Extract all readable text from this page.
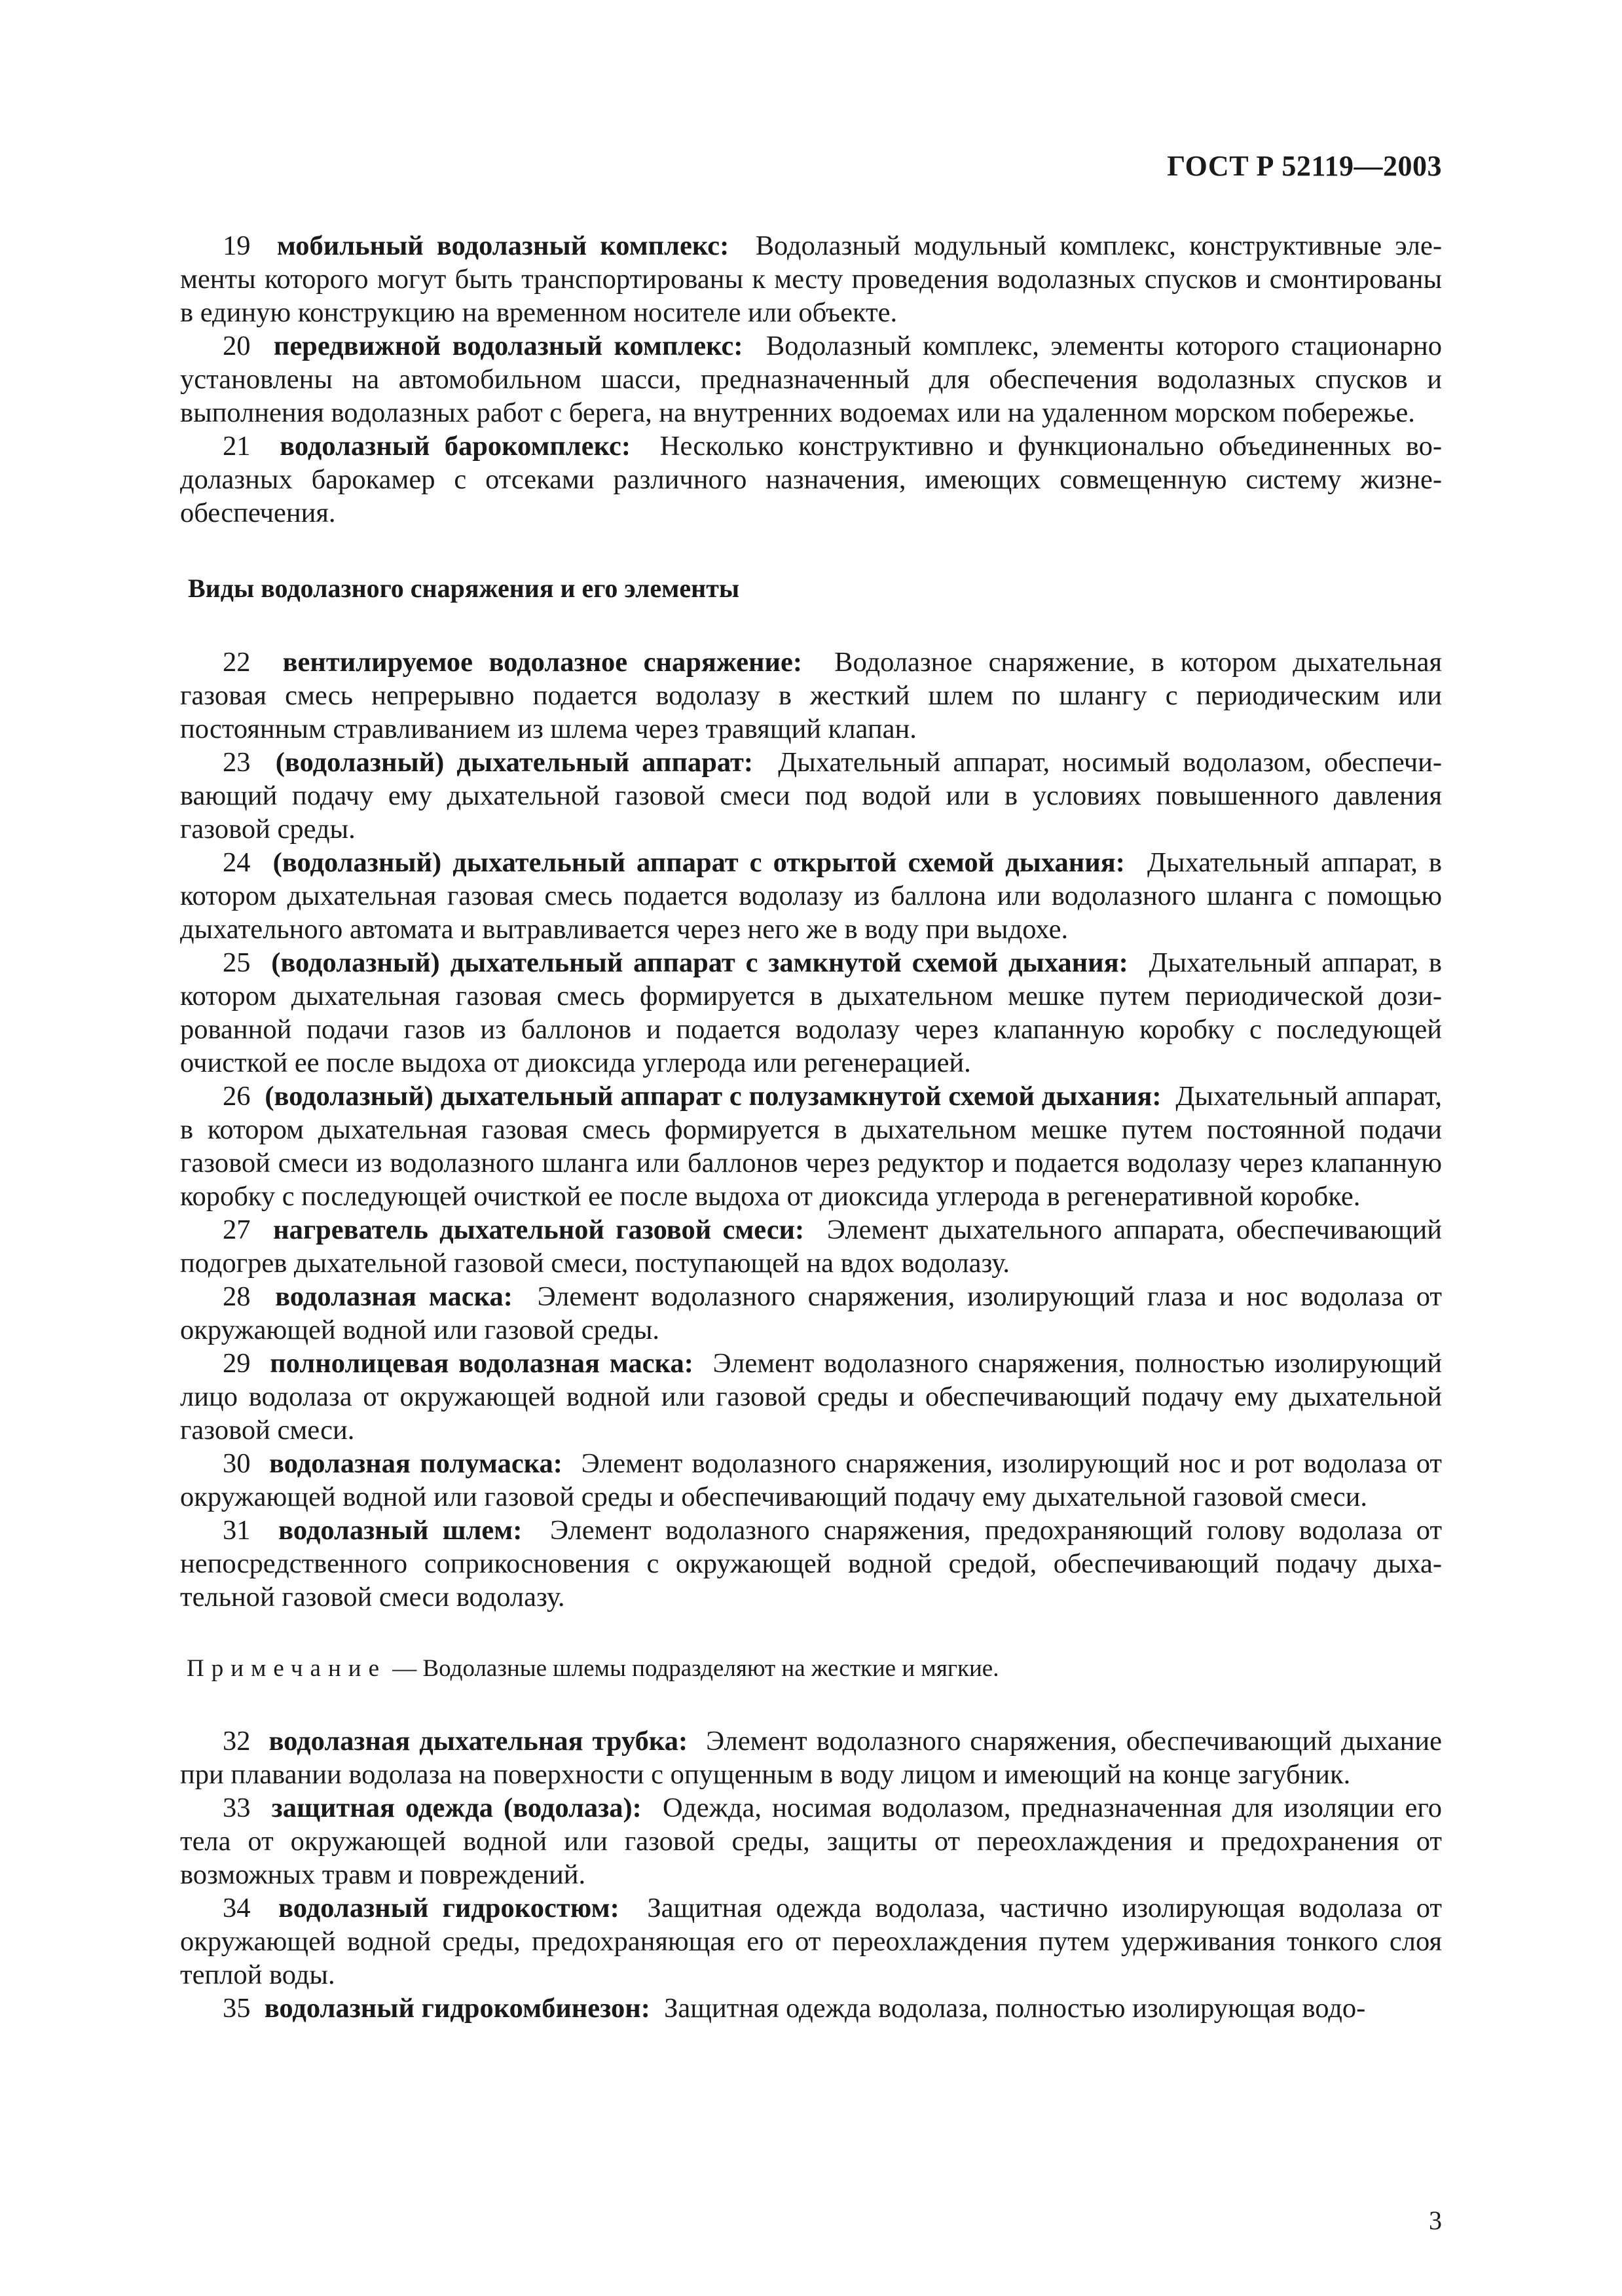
ГОСТ Р 52119—2003

19 мобильный водолазный комплекс: Водолазный модульный комплекс, конструктивные элементы которого могут быть транспортированы к месту проведения водолазных спусков и смонтированы в единую конструкцию на временном носителе или объекте.

20 передвижной водолазный комплекс: Водолазный комплекс, элементы которого стационарно установлены на автомобильном шасси, предназначенный для обеспечения водолазных спусков и выполнения водолазных работ с берега, на внутренних водоемах или на удаленном морском побережье.

21 водолазный барокомплекс: Несколько конструктивно и функционально объединенных водолазных барокамер с отсеками различного назначения, имеющих совмещенную систему жизнеобеспечения.

Виды водолазного снаряжения и его элементы

22 вентилируемое водолазное снаряжение: Водолазное снаряжение, в котором дыхательная газовая смесь непрерывно подается водолазу в жесткий шлем по шлангу с периодическим или постоянным стравливанием из шлема через травящий клапан.

23 (водолазный) дыхательный аппарат: Дыхательный аппарат, носимый водолазом, обеспечивающий подачу ему дыхательной газовой смеси под водой или в условиях повышенного давления газовой среды.

24 (водолазный) дыхательный аппарат с открытой схемой дыхания: Дыхательный аппарат, в котором дыхательная газовая смесь подается водолазу из баллона или водолазного шланга с помощью дыхательного автомата и вытравливается через него же в воду при выдохе.

25 (водолазный) дыхательный аппарат с замкнутой схемой дыхания: Дыхательный аппарат, в котором дыхательная газовая смесь формируется в дыхательном мешке путем периодической дозированной подачи газов из баллонов и подается водолазу через клапанную коробку с последующей очисткой ее после выдоха от диоксида углерода или регенерацией.

26 (водолазный) дыхательный аппарат с полузамкнутой схемой дыхания: Дыхательный аппарат, в котором дыхательная газовая смесь формируется в дыхательном мешке путем постоянной подачи газовой смеси из водолазного шланга или баллонов через редуктор и подается водолазу через клапанную коробку с последующей очисткой ее после выдоха от диоксида углерода в регенеративной коробке.

27 нагреватель дыхательной газовой смеси: Элемент дыхательного аппарата, обеспечивающий подогрев дыхательной газовой смеси, поступающей на вдох водолазу.

28 водолазная маска: Элемент водолазного снаряжения, изолирующий глаза и нос водолаза от окружающей водной или газовой среды.

29 полнолицевая водолазная маска: Элемент водолазного снаряжения, полностью изолирующий лицо водолаза от окружающей водной или газовой среды и обеспечивающий подачу ему дыхательной газовой смеси.

30 водолазная полумаска: Элемент водолазного снаряжения, изолирующий нос и рот водолаза от окружающей водной или газовой среды и обеспечивающий подачу ему дыхательной газовой смеси.

31 водолазный шлем: Элемент водолазного снаряжения, предохраняющий голову водолаза от непосредственного соприкосновения с окружающей водной средой, обеспечивающий подачу дыхательной газовой смеси водолазу.

Примечание — Водолазные шлемы подразделяют на жесткие и мягкие.

32 водолазная дыхательная трубка: Элемент водолазного снаряжения, обеспечивающий дыхание при плавании водолаза на поверхности с опущенным в воду лицом и имеющий на конце загубник.

33 защитная одежда (водолаза): Одежда, носимая водолазом, предназначенная для изоляции его тела от окружающей водной или газовой среды, защиты от переохлаждения и предохранения от возможных травм и повреждений.

34 водолазный гидрокостюм: Защитная одежда водолаза, частично изолирующая водолаза от окружающей водной среды, предохраняющая его от переохлаждения путем удерживания тонкого слоя теплой воды.

35 водолазный гидрокомбинезон: Защитная одежда водолаза, полностью изолирующая водо-

3
